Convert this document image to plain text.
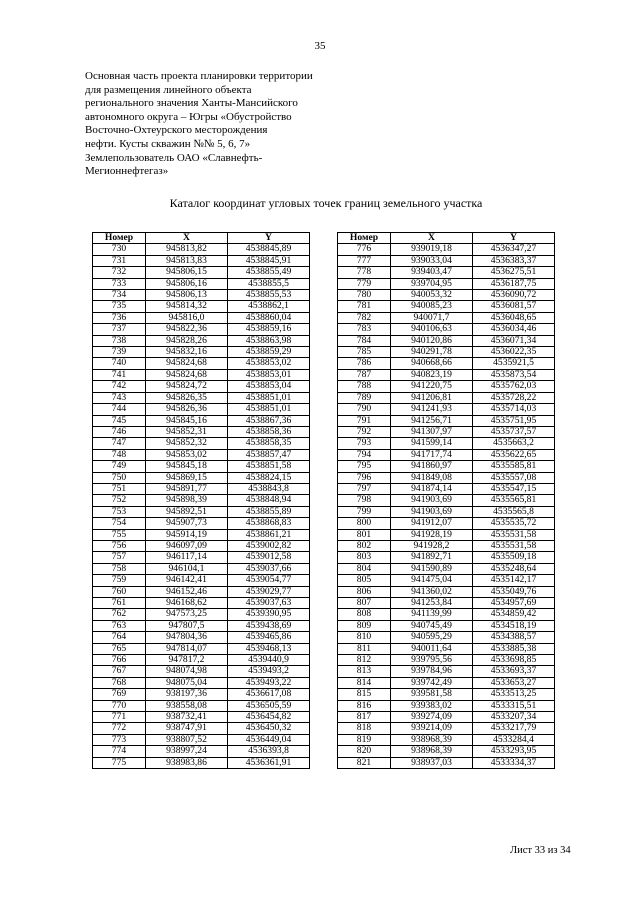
35
Основная часть проекта планировки территории
для размещения линейного объекта
регионального значения Ханты-Мансийского
автономного округа – Югры «Обустройство
Восточно-Охтеурского месторождения
нефти. Кусты скважин №№ 5, 6, 7»
Землепользователь ОАО «Славнефть-
Мегионнефтегаз»
Каталог координат угловых точек границ земельного участка
Номер	X	Y
730	945813,82	4538845,89
731	945813,83	4538845,91
732	945806,15	4538855,49
733	945806,16	4538855,5
734	945806,13	4538855,53
735	945814,32	4538862,1
736	945816,0	4538860,04
737	945822,36	4538859,16
738	945828,26	4538863,98
739	945832,16	4538859,29
740	945824,68	4538853,02
741	945824,68	4538853,01
742	945824,72	4538853,04
743	945826,35	4538851,01
744	945826,36	4538851,01
745	945845,16	4538867,36
746	945852,31	4538858,36
747	945852,32	4538858,35
748	945853,02	4538857,47
749	945845,18	4538851,58
750	945869,15	4538824,15
751	945891,77	4538843,8
752	945898,39	4538848,94
753	945892,51	4538855,89
754	945907,73	4538868,83
755	945914,19	4538861,21
756	946097,09	4539002,82
757	946117,14	4539012,58
758	946104,1	4539037,66
759	946142,41	4539054,77
760	946152,46	4539029,77
761	946168,62	4539037,63
762	947573,25	4539390,95
763	947807,5	4539438,69
764	947804,36	4539465,86
765	947814,07	4539468,13
766	947817,2	4539440,9
767	948074,98	4539493,2
768	948075,04	4539493,22
769	938197,36	4536617,08
770	938558,08	4536505,59
771	938732,41	4536454,82
772	938747,91	4536450,32
773	938807,52	4536449,04
774	938997,24	4536393,8
775	938983,86	4536361,91
Номер	X	Y
776	939019,18	4536347,27
777	939033,04	4536383,37
778	939403,47	4536275,51
779	939704,95	4536187,75
780	940053,32	4536090,72
781	940085,23	4536081,57
782	940071,7	4536048,65
783	940106,63	4536034,46
784	940120,86	4536071,34
785	940291,78	4536022,35
786	940668,66	4535921,5
787	940823,19	4535873,54
788	941220,75	4535762,03
789	941206,81	4535728,22
790	941241,93	4535714,03
791	941256,71	4535751,95
792	941307,97	4535737,57
793	941599,14	4535663,2
794	941717,74	4535622,65
795	941860,97	4535585,81
796	941849,08	4535557,08
797	941874,14	4535547,15
798	941903,69	4535565,81
799	941903,69	4535565,8
800	941912,07	4535535,72
801	941928,19	4535531,58
802	941928,2	4535531,58
803	941892,71	4535509,18
804	941590,89	4535248,64
805	941475,04	4535142,17
806	941360,02	4535049,76
807	941253,84	4534957,69
808	941139,99	4534859,42
809	940745,49	4534518,19
810	940595,29	4534388,57
811	940011,64	4533885,38
812	939795,56	4533698,85
813	939784,96	4533693,37
814	939742,49	4533653,27
815	939581,58	4533513,25
816	939383,02	4533315,51
817	939274,09	4533207,34
818	939214,09	4533217,79
819	938968,39	4533284,4
820	938968,39	4533293,95
821	938937,03	4533334,37
Лист 33 из 34
